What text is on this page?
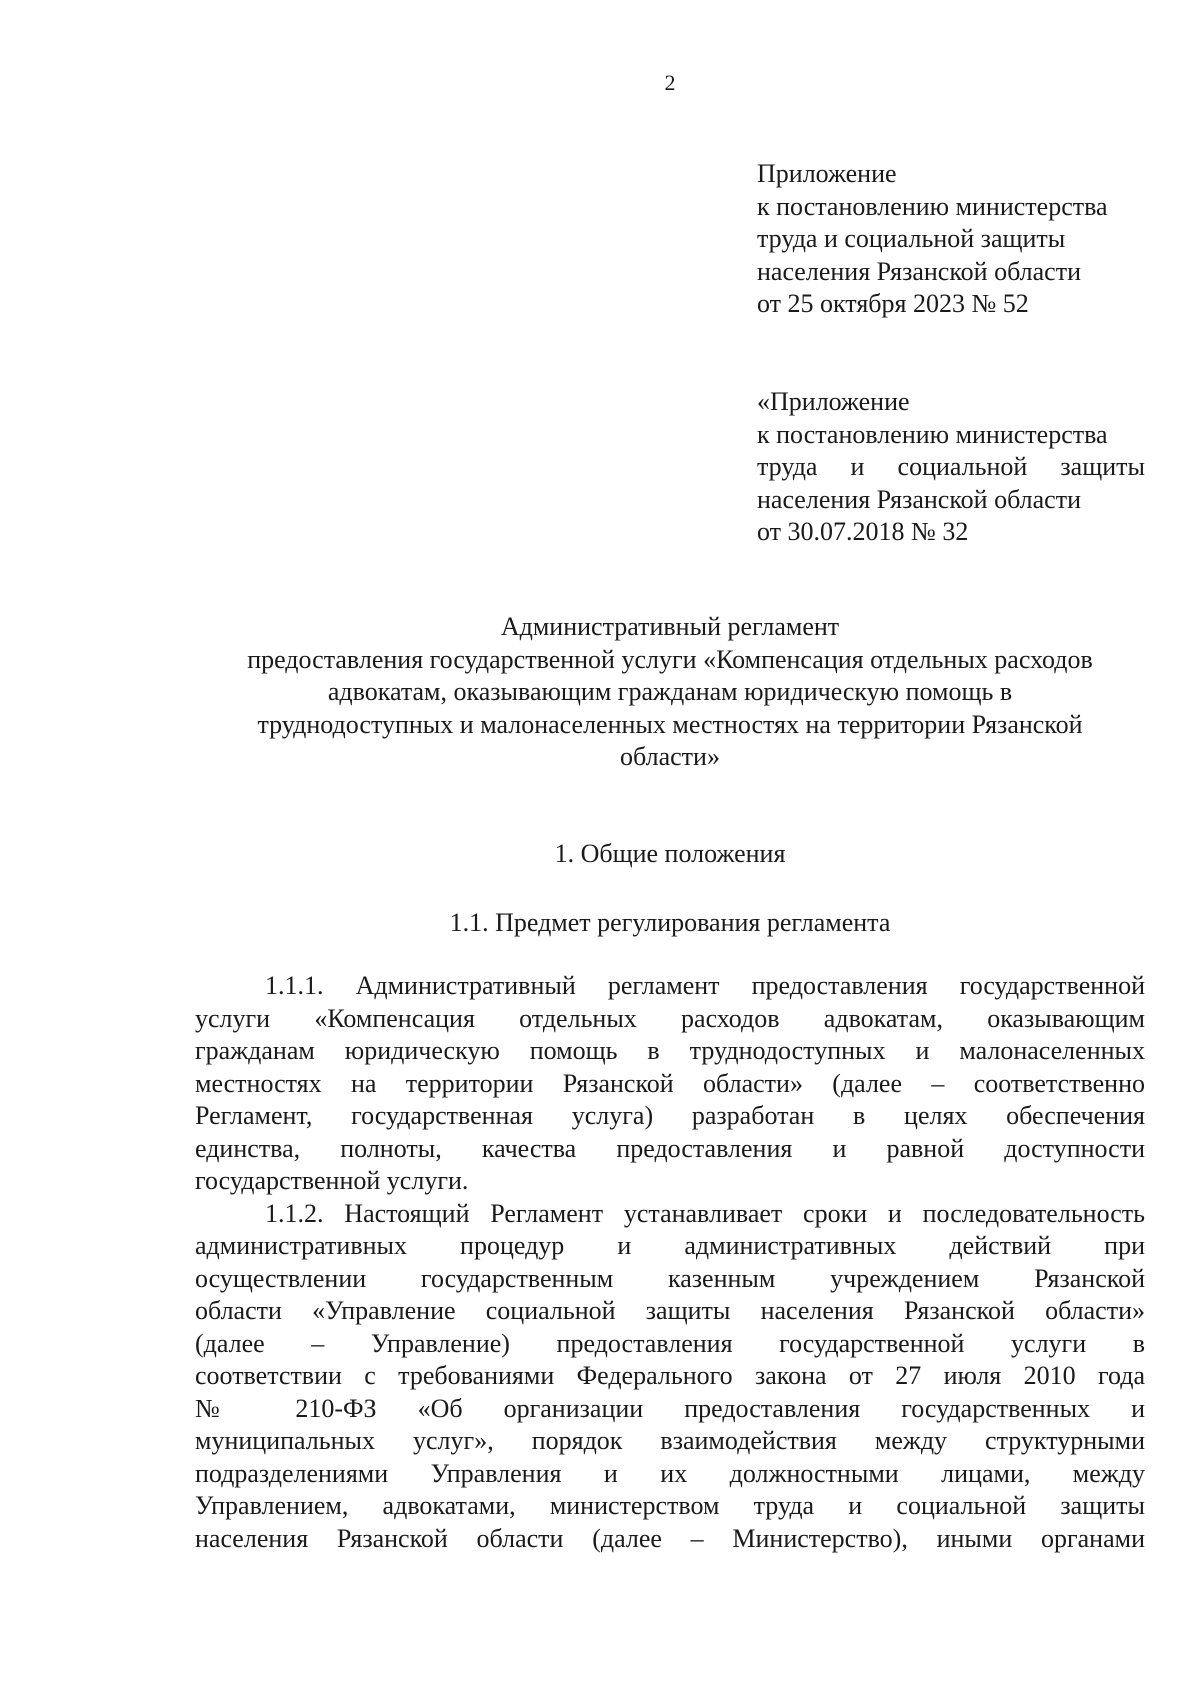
2
Приложение
к постановлению министерства
труда и социальной защиты
населения Рязанской области
от 25 октября 2023 № 52
«Приложение
к постановлению министерства
труда и социальной защиты
населения Рязанской области
от 30.07.2018 № 32
Административный регламент
предоставления государственной услуги «Компенсация отдельных расходов
адвокатам, оказывающим гражданам юридическую помощь в
труднодоступных и малонаселенных местностях на территории Рязанской
области»
1. Общие положения
1.1. Предмет регулирования регламента
1.1.1. Административный регламент предоставления государственной
услуги «Компенсация отдельных расходов адвокатам, оказывающим
гражданам юридическую помощь в труднодоступных и малонаселенных
местностях на территории Рязанской области» (далее – соответственно
Регламент, государственная услуга) разработан в целях обеспечения
единства, полноты, качества предоставления и равной доступности
государственной услуги.
1.1.2. Настоящий Регламент устанавливает сроки и последовательность
административных процедур и административных действий при
осуществлении государственным казенным учреждением Рязанской
области «Управление социальной защиты населения Рязанской области»
(далее – Управление) предоставления государственной услуги в
соответствии с требованиями Федерального закона от 27 июля 2010 года
№ 210-ФЗ «Об организации предоставления государственных и
муниципальных услуг», порядок взаимодействия между структурными
подразделениями Управления и их должностными лицами, между
Управлением, адвокатами, министерством труда и социальной защиты
населения Рязанской области (далее – Министерство), иными органами
